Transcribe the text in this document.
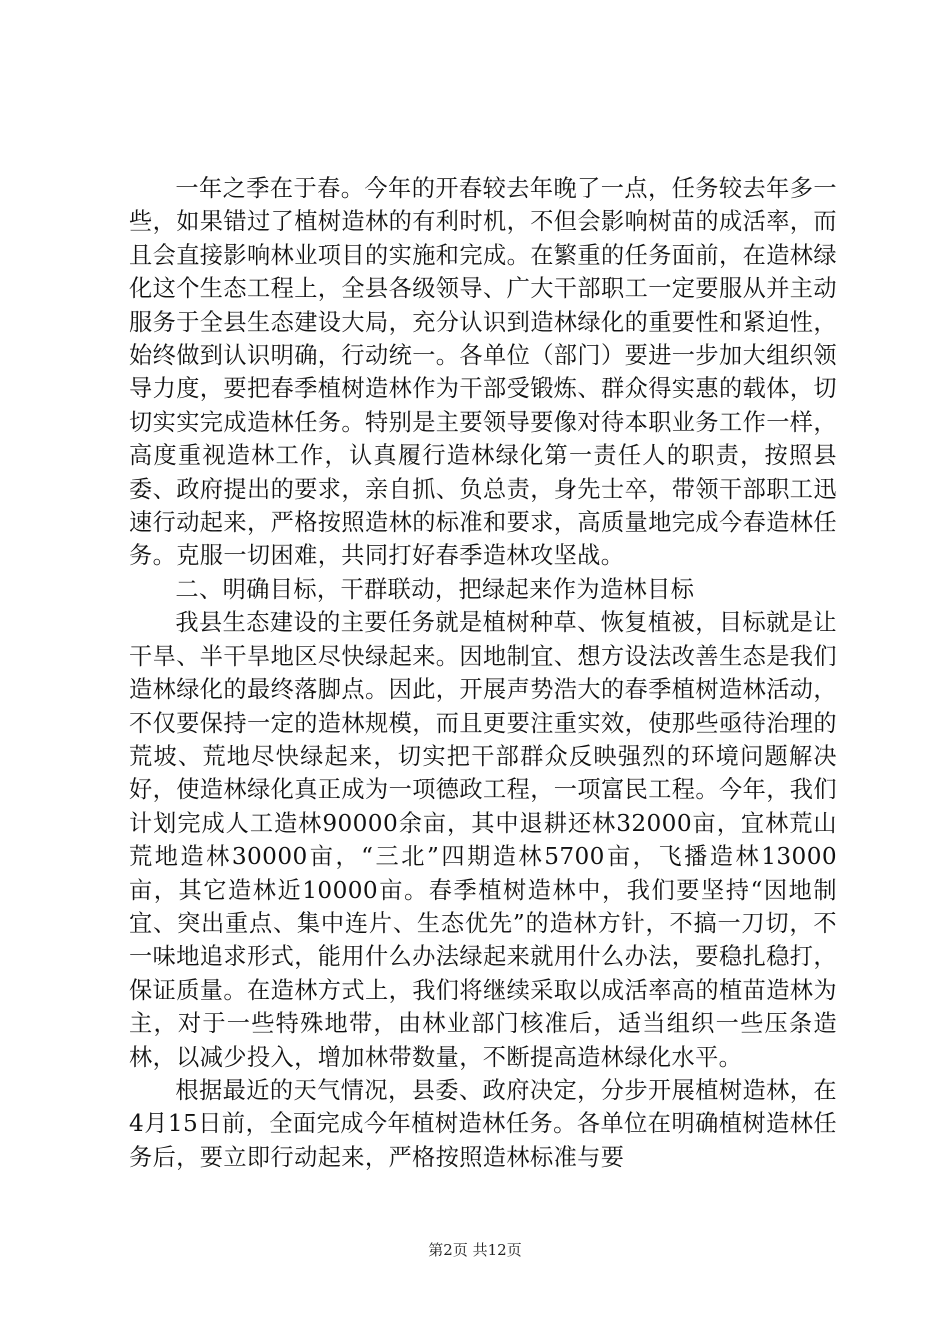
一年之季在于春。今年的开春较去年晚了一点，任务较去年多一些，如果错过了植树造林的有利时机，不但会影响树苗的成活率，而且会直接影响林业项目的实施和完成。在繁重的任务面前，在造林绿化这个生态工程上，全县各级领导、广大干部职工一定要服从并主动服务于全县生态建设大局，充分认识到造林绿化的重要性和紧迫性，始终做到认识明确，行动统一。各单位（部门）要进一步加大组织领导力度，要把春季植树造林作为干部受锻炼、群众得实惠的载体，切切实实完成造林任务。特别是主要领导要像对待本职业务工作一样，高度重视造林工作，认真履行造林绿化第一责任人的职责，按照县委、政府提出的要求，亲自抓、负总责，身先士卒，带领干部职工迅速行动起来，严格按照造林的标准和要求，高质量地完成今春造林任务。克服一切困难，共同打好春季造林攻坚战。

二、明确目标，干群联动，把绿起来作为造林目标

我县生态建设的主要任务就是植树种草、恢复植被，目标就是让干旱、半干旱地区尽快绿起来。因地制宜、想方设法改善生态是我们造林绿化的最终落脚点。因此，开展声势浩大的春季植树造林活动，不仅要保持一定的造林规模，而且更要注重实效，使那些亟待治理的荒坡、荒地尽快绿起来，切实把干部群众反映强烈的环境问题解决好，使造林绿化真正成为一项德政工程，一项富民工程。今年，我们计划完成人工造林90000余亩，其中退耕还林32000亩，宜林荒山荒地造林30000亩，“三北”四期造林5700亩，飞播造林13000亩，其它造林近10000亩。春季植树造林中，我们要坚持“因地制宜、突出重点、集中连片、生态优先”的造林方针，不搞一刀切，不一味地追求形式，能用什么办法绿起来就用什么办法，要稳扎稳打，保证质量。在造林方式上，我们将继续采取以成活率高的植苗造林为主，对于一些特殊地带，由林业部门核准后，适当组织一些压条造林，以减少投入，增加林带数量，不断提高造林绿化水平。

根据最近的天气情况，县委、政府决定，分步开展植树造林，在4月15日前，全面完成今年植树造林任务。各单位在明确植树造林任务后，要立即行动起来，严格按照造林标准与要

第2页 共12页
